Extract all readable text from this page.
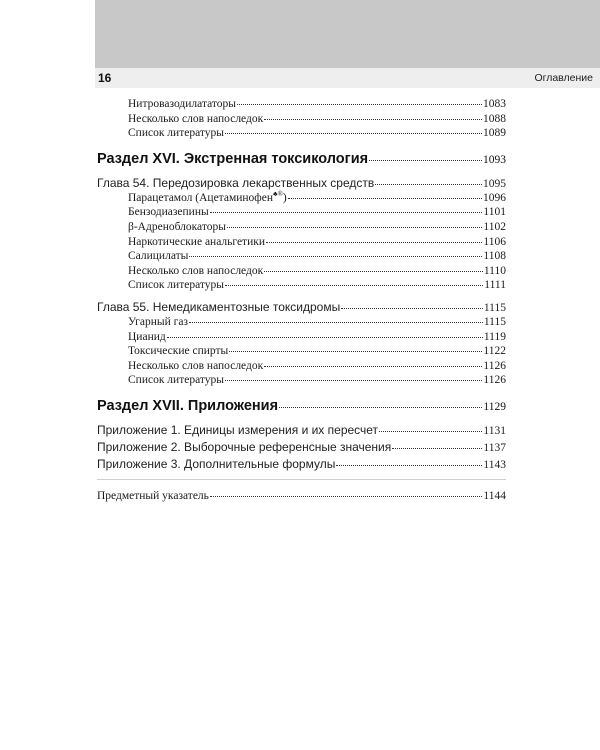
16	Оглавление
Нитровазодилататоры	1083
Несколько слов напоследок	1088
Список литературы	1089
Раздел XVI. Экстренная токсикология	1093
Глава 54. Передозировка лекарственных средств	1095
Парацетамол (Ацетаминофен♣®)	1096
Бензодиазепины	1101
β-Адреноблокаторы	1102
Наркотические анальгетики	1106
Салицилаты	1108
Несколько слов напоследок	1110
Список литературы	1111
Глава 55. Немедикаментозные токсидромы	1115
Угарный газ	1115
Цианид	1119
Токсические спирты	1122
Несколько слов напоследок	1126
Список литературы	1126
Раздел XVII. Приложения	1129
Приложение 1. Единицы измерения и их пересчет	1131
Приложение 2. Выборочные референсные значения	1137
Приложение 3. Дополнительные формулы	1143
Предметный указатель	1144
